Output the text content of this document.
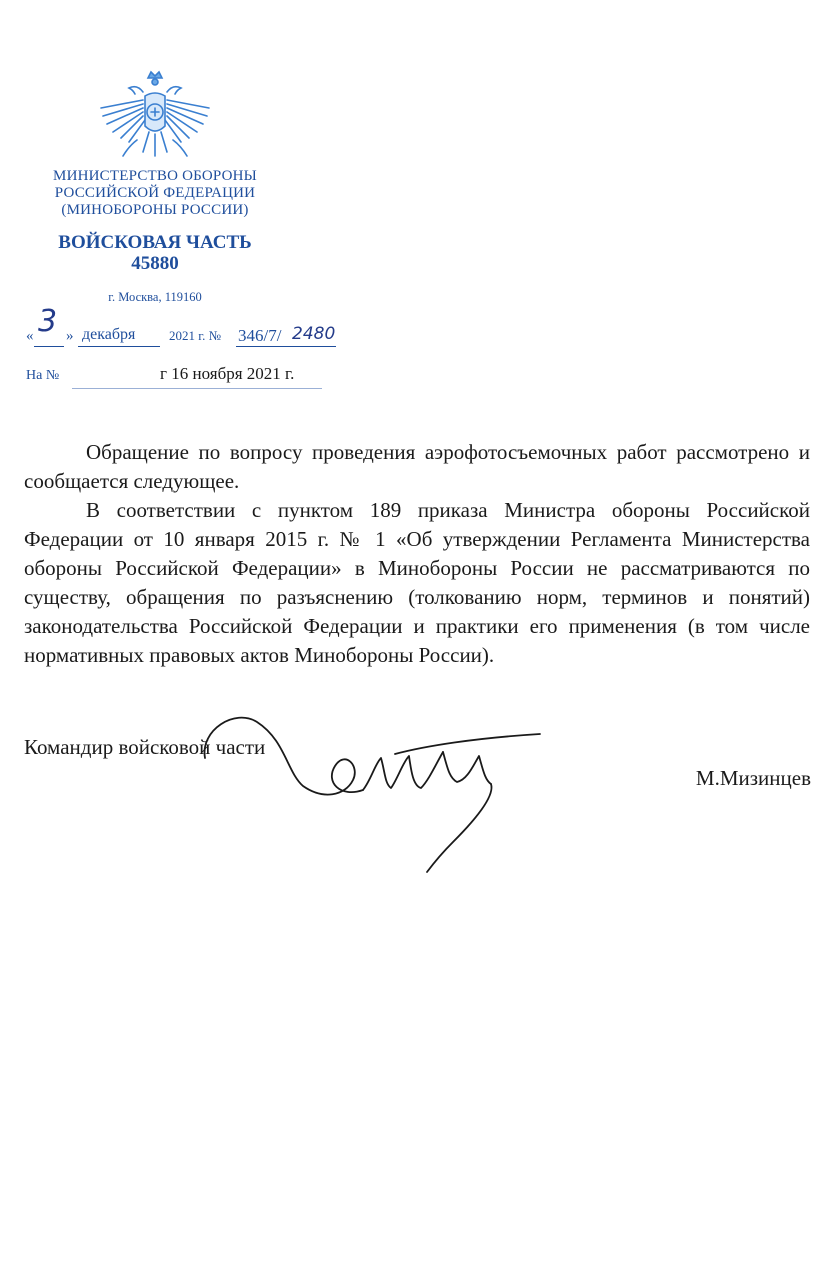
МИНИСТЕРСТВО ОБОРОНЫ
РОССИЙСКОЙ ФЕДЕРАЦИИ
(МИНОБОРОНЫ РОССИИ)
ВОЙСКОВАЯ ЧАСТЬ
45880
г. Москва, 119160
« 3 » декабря	2021 г. № 346/7/ 2480
На №	г 16 ноября 2021 г.

Обращение по вопросу проведения аэрофотосъемочных работ рассмотрено и сообщается следующее.

В соответствии с пунктом 189 приказа Министра обороны Российской Федерации от 10 января 2015 г. № 1 «Об утверждении Регламента Министерства обороны Российской Федерации» в Минобороны России не рассматриваются по существу, обращения по разъяснению (толкованию норм, терминов и понятий) законодательства Российской Федерации и практики его применения (в том числе нормативных правовых актов Минобороны России).

Командир войсковой части
М.Мизинцев
